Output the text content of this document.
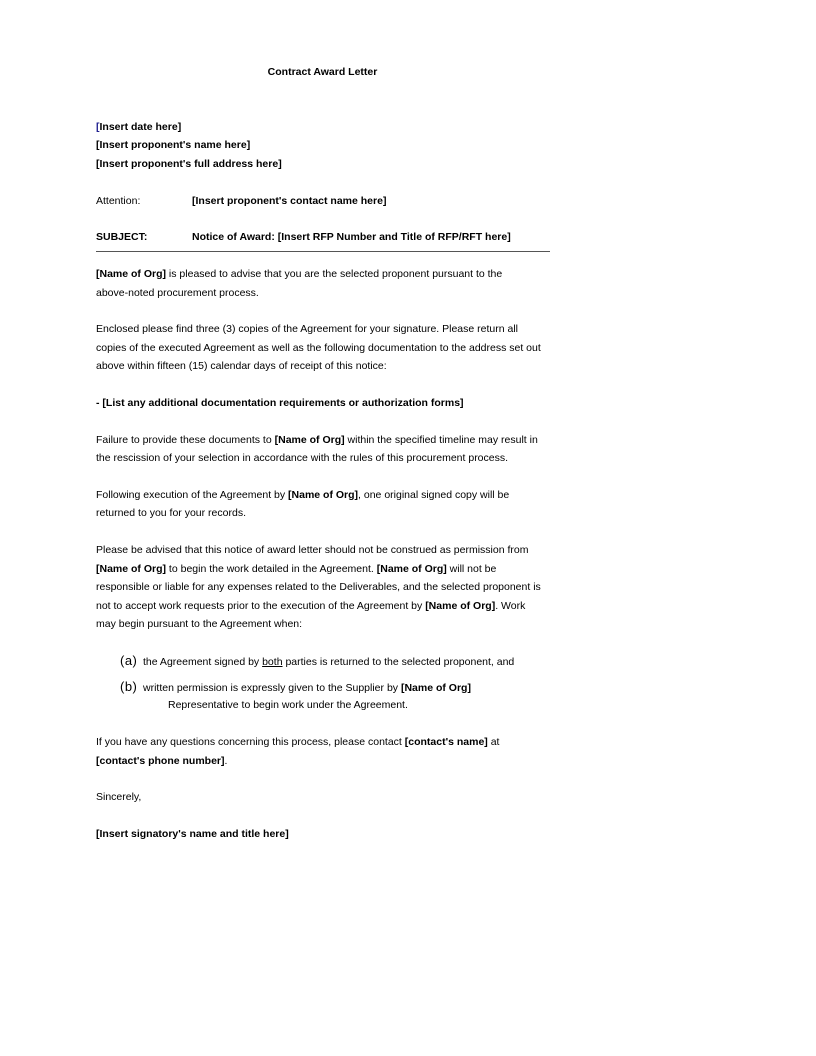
Contract Award Letter
[Insert date here]
[Insert proponent's name here]
[Insert proponent's full address here]
Attention:	[Insert proponent's contact name here]
SUBJECT:	Notice of Award: [Insert RFP Number and Title of RFP/RFT here]
[Name of Org] is pleased to advise that you are the selected proponent pursuant to the
above-noted procurement process.
Enclosed please find three (3) copies of the Agreement for your signature. Please return all
copies of the executed Agreement as well as the following documentation to the address set out
above within fifteen (15) calendar days of receipt of this notice:
- [List any additional documentation requirements or authorization forms]
Failure to provide these documents to [Name of Org] within the specified timeline may result in
the rescission of your selection in accordance with the rules of this procurement process.
Following execution of the Agreement by [Name of Org], one original signed copy will be
returned to you for your records.
Please be advised that this notice of award letter should not be construed as permission from
[Name of Org] to begin the work detailed in the Agreement. [Name of Org] will not be
responsible or liable for any expenses related to the Deliverables, and the selected proponent is
not to accept work requests prior to the execution of the Agreement by [Name of Org]. Work
may begin pursuant to the Agreement when:
(a) the Agreement signed by both parties is returned to the selected proponent, and
(b) written permission is expressly given to the Supplier by [Name of Org]
Representative to begin work under the Agreement.
If you have any questions concerning this process, please contact [contact's name] at
[contact's phone number].
Sincerely,
[Insert signatory's name and title here]
